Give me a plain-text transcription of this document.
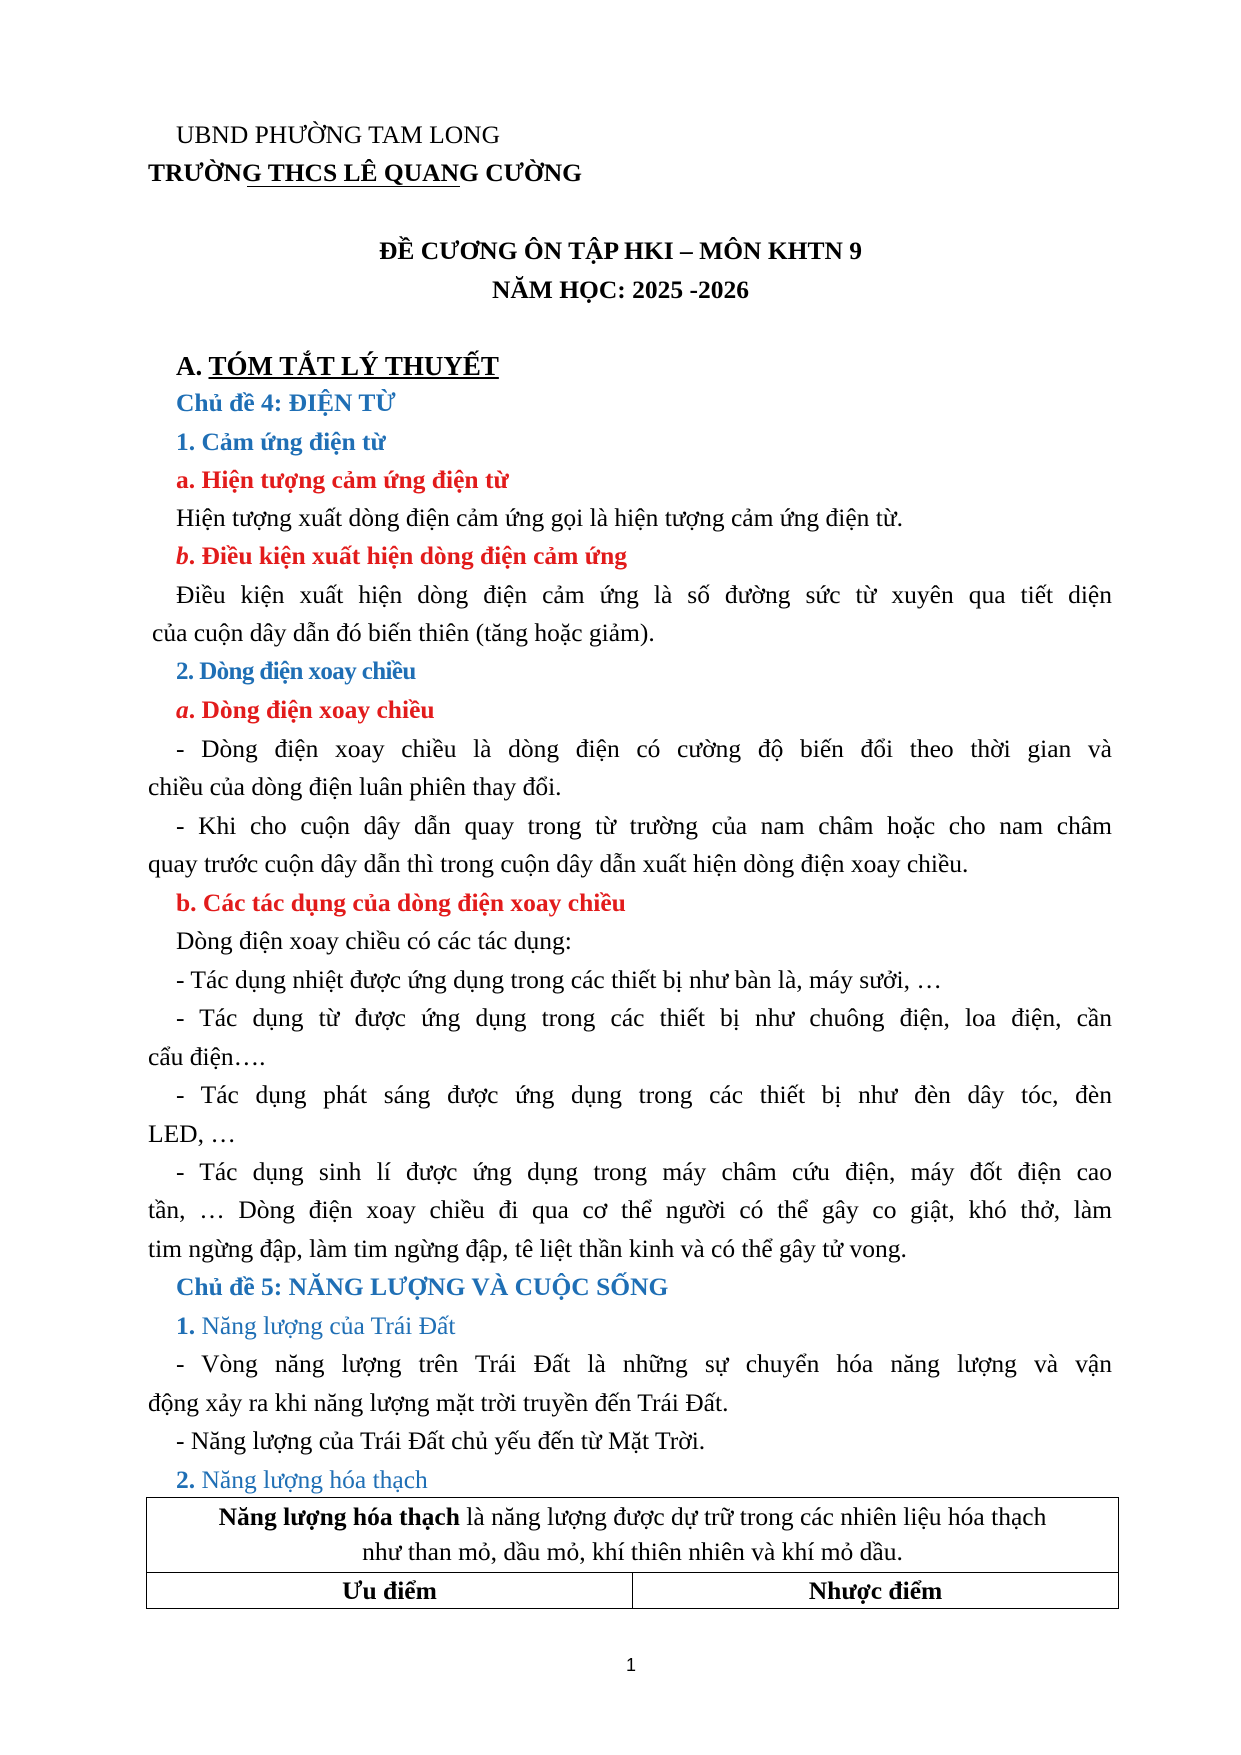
UBND PHƯỜNG TAM LONG
TRƯỜNG THCS LÊ QUANG CƯỜNG
ĐỀ CƯƠNG ÔN TẬP HKI – MÔN KHTN 9
NĂM HỌC: 2025 -2026
A. TÓM TẮT LÝ THUYẾT
Chủ đề 4: ĐIỆN TỪ
1. Cảm ứng điện từ
a. Hiện tượng cảm ứng điện từ
Hiện tượng xuất dòng điện cảm ứng gọi là hiện tượng cảm ứng điện từ.
b. Điều kiện xuất hiện dòng điện cảm ứng
Điều kiện xuất hiện dòng điện cảm ứng là số đường sức từ xuyên qua tiết diện
của cuộn dây dẫn đó biến thiên (tăng hoặc giảm).
2. Dòng điện xoay chiều
a. Dòng điện xoay chiều
- Dòng điện xoay chiều là dòng điện có cường độ biến đổi theo thời gian và
chiều của dòng điện luân phiên thay đổi.
- Khi cho cuộn dây dẫn quay trong từ trường của nam châm hoặc cho nam châm
quay trước cuộn dây dẫn thì trong cuộn dây dẫn xuất hiện dòng điện xoay chiều.
b. Các tác dụng của dòng điện xoay chiều
Dòng điện xoay chiều có các tác dụng:
- Tác dụng nhiệt được ứng dụng trong các thiết bị như bàn là, máy sưởi, …
- Tác dụng từ được ứng dụng trong các thiết bị như chuông điện, loa điện, cần
cẩu điện….
- Tác dụng phát sáng được ứng dụng trong các thiết bị như đèn dây tóc, đèn
LED, …
- Tác dụng sinh lí được ứng dụng trong máy châm cứu điện, máy đốt điện cao
tần, … Dòng điện xoay chiều đi qua cơ thể người có thể gây co giật, khó thở, làm
tim ngừng đập, làm tim ngừng đập, tê liệt thần kinh và có thể gây tử vong.
Chủ đề 5: NĂNG LƯỢNG VÀ CUỘC SỐNG
1. Năng lượng của Trái Đất
- Vòng năng lượng trên Trái Đất là những sự chuyển hóa năng lượng và vận
động xảy ra khi năng lượng mặt trời truyền đến Trái Đất.
- Năng lượng của Trái Đất chủ yếu đến từ Mặt Trời.
2. Năng lượng hóa thạch
Năng lượng hóa thạch là năng lượng được dự trữ trong các nhiên liệu hóa thạch
như than mỏ, dầu mỏ, khí thiên nhiên và khí mỏ dầu.
Ưu điểm	Nhược điểm
1
